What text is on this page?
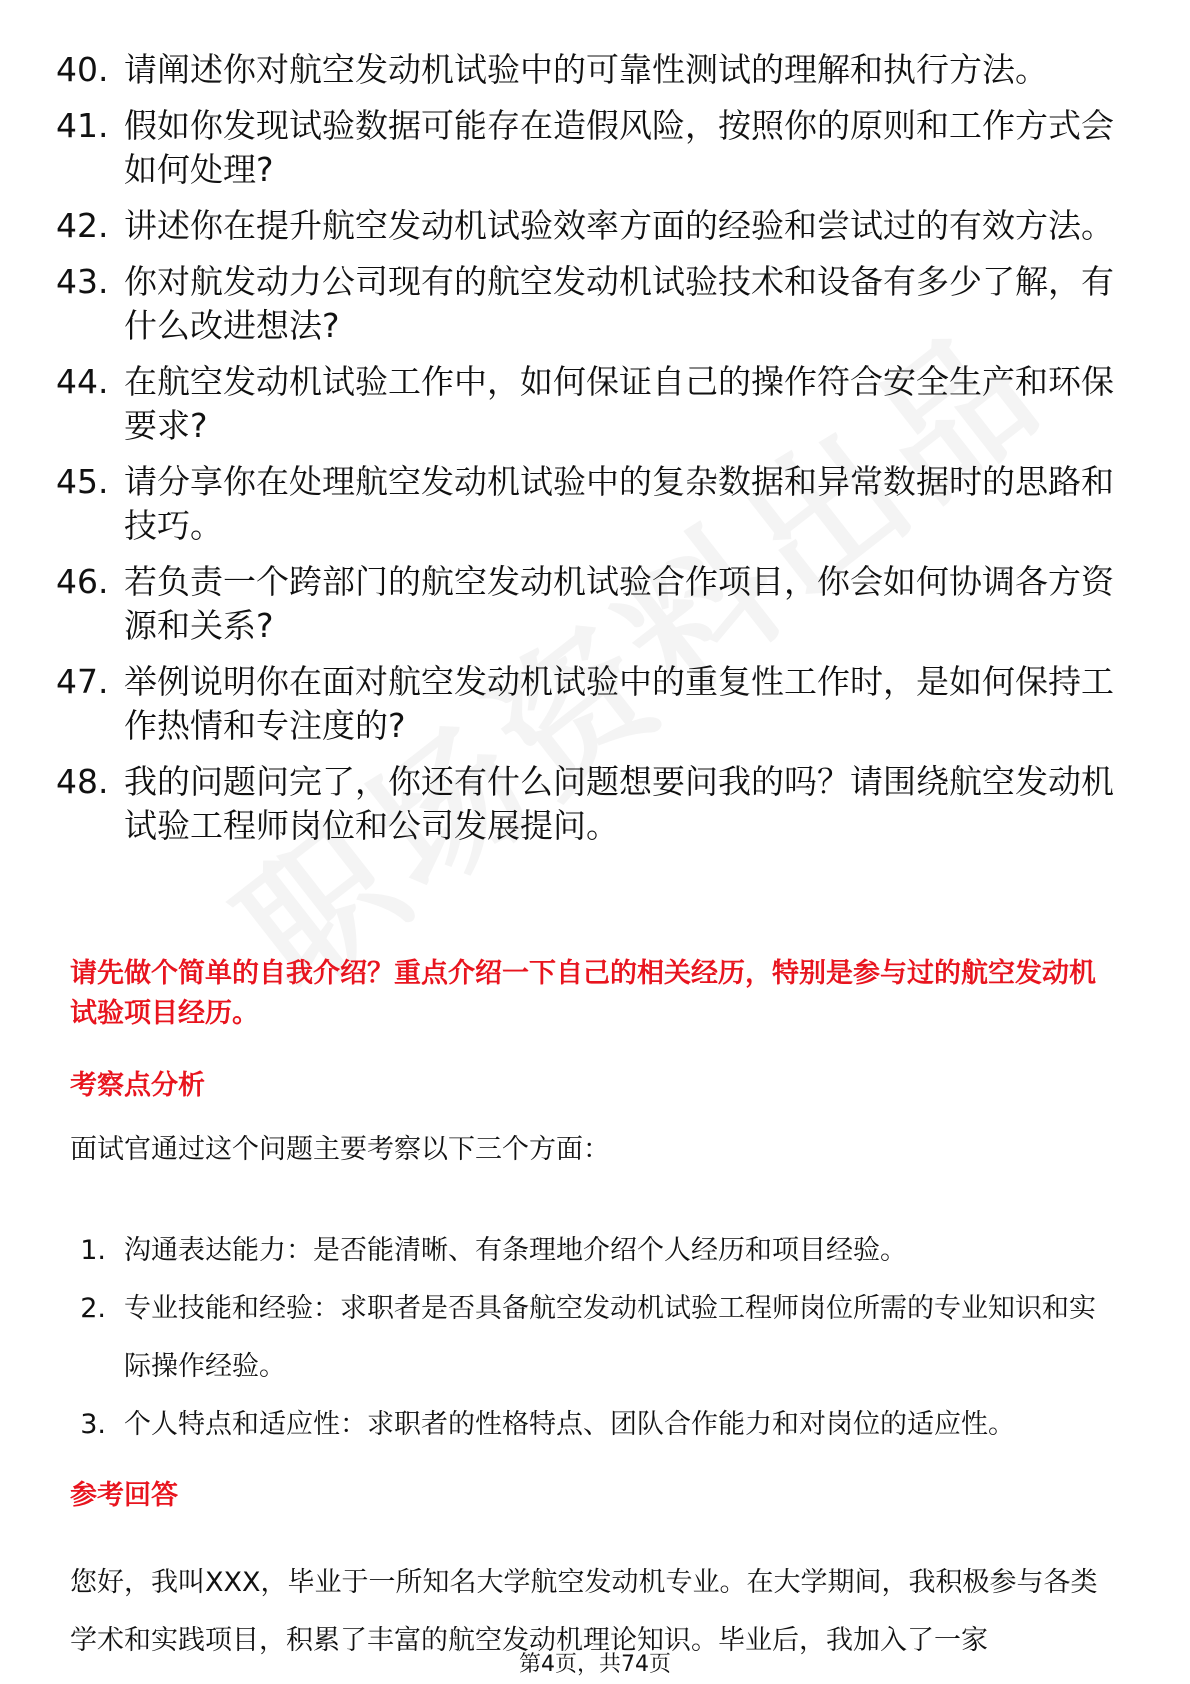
40. 请阐述你对航空发动机试验中的可靠性测试的理解和执行方法。
41. 假如你发现试验数据可能存在造假风险，按照你的原则和工作方式会如何处理?
42. 讲述你在提升航空发动机试验效率方面的经验和尝试过的有效方法。
43. 你对航发动力公司现有的航空发动机试验技术和设备有多少了解，有什么改进想法?
44. 在航空发动机试验工作中，如何保证自己的操作符合安全生产和环保要求?
45. 请分享你在处理航空发动机试验中的复杂数据和异常数据时的思路和技巧。
46. 若负责一个跨部门的航空发动机试验合作项目，你会如何协调各方资源和关系?
47. 举例说明你在面对航空发动机试验中的重复性工作时，是如何保持工作热情和专注度的?
48. 我的问题问完了，你还有什么问题想要问我的吗？请围绕航空发动机试验工程师岗位和公司发展提问。

请先做个简单的自我介绍？重点介绍一下自己的相关经历，特别是参与过的航空发动机试验项目经历。

考察点分析

面试官通过这个问题主要考察以下三个方面：

1. 沟通表达能力：是否能清晰、有条理地介绍个人经历和项目经验。
2. 专业技能和经验：求职者是否具备航空发动机试验工程师岗位所需的专业知识和实际操作经验。
3. 个人特点和适应性：求职者的性格特点、团队合作能力和对岗位的适应性。
参考回答

您好，我叫XXX，毕业于一所知名大学航空发动机专业。在大学期间，我积极参与各类学术和实践项目，积累了丰富的航空发动机理论知识。毕业后，我加入了一家

第4页，共74页
